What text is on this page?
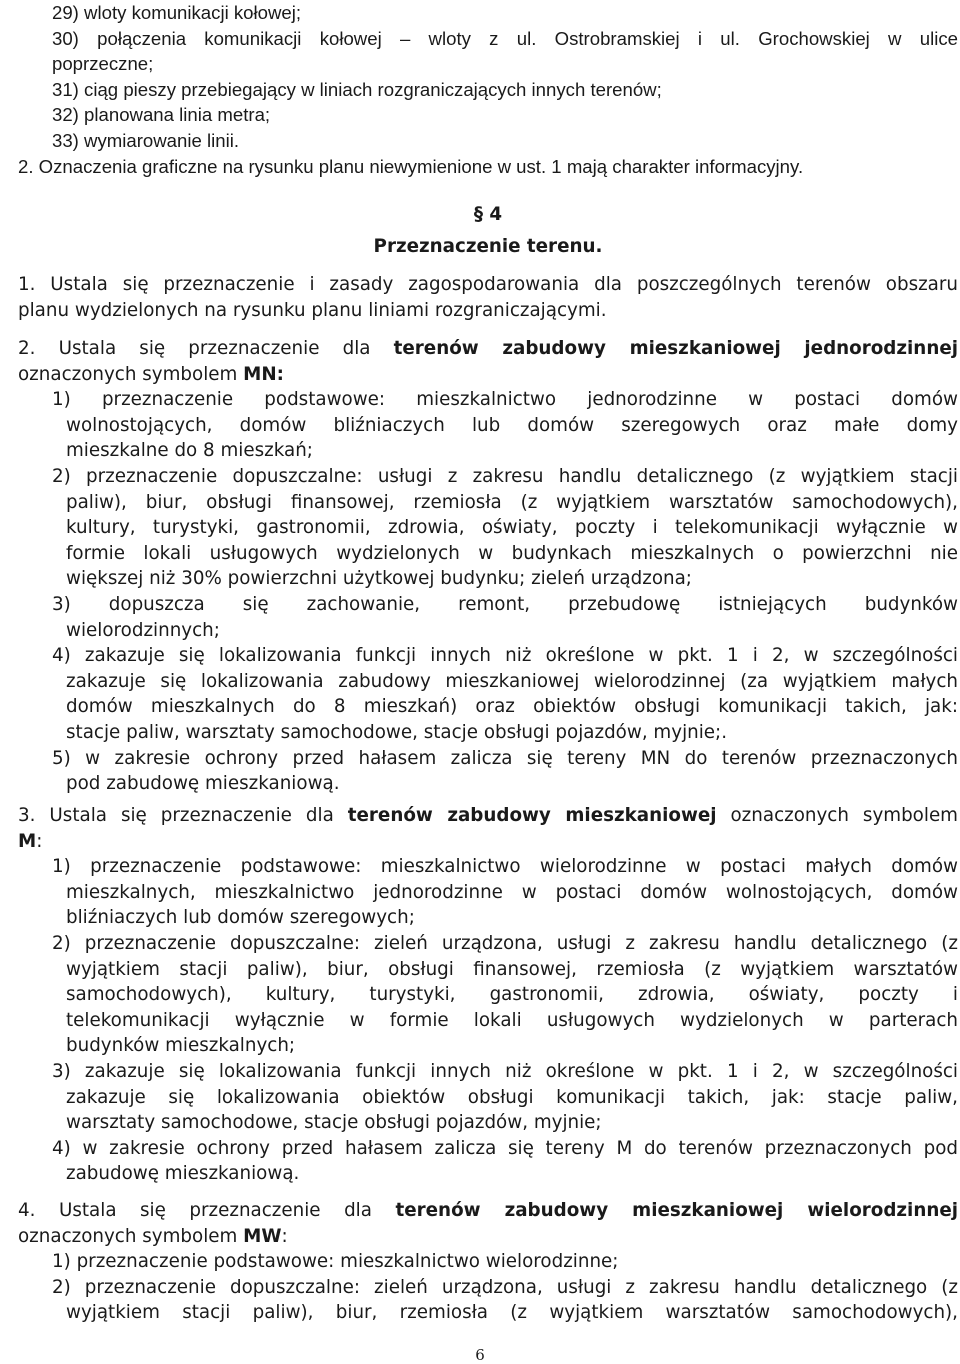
29) wloty komunikacji kołowej;
30) połączenia komunikacji kołowej – wloty z ul. Ostrobramskiej i ul. Grochowskiej w ulice
poprzeczne;
31) ciąg pieszy przebiegający w liniach rozgraniczających innych terenów;
32) planowana linia metra;
33) wymiarowanie linii.
2. Oznaczenia graficzne na rysunku planu niewymienione w ust. 1 mają charakter informacyjny.
§ 4
Przeznaczenie terenu.
1. Ustala się przeznaczenie i zasady zagospodarowania dla poszczególnych terenów obszaru
planu wydzielonych na rysunku planu liniami rozgraniczającymi.
2. Ustala się przeznaczenie dla terenów zabudowy mieszkaniowej jednorodzinnej
oznaczonych symbolem MN:
1) przeznaczenie podstawowe: mieszkalnictwo jednorodzinne w postaci domów
wolnostojących, domów bliźniaczych lub domów szeregowych oraz małe domy
mieszkalne do 8 mieszkań;
2) przeznaczenie dopuszczalne: usługi z zakresu handlu detalicznego (z wyjątkiem stacji
paliw), biur, obsługi finansowej, rzemiosła (z wyjątkiem warsztatów samochodowych),
kultury, turystyki, gastronomii, zdrowia, oświaty, poczty i telekomunikacji wyłącznie w
formie lokali usługowych wydzielonych w budynkach mieszkalnych o powierzchni nie
większej niż 30% powierzchni użytkowej budynku; zieleń urządzona;
3) dopuszcza się zachowanie, remont, przebudowę istniejących budynków
wielorodzinnych;
4) zakazuje się lokalizowania funkcji innych niż określone w pkt. 1 i 2, w szczególności
zakazuje się lokalizowania zabudowy mieszkaniowej wielorodzinnej (za wyjątkiem małych
domów mieszkalnych do 8 mieszkań) oraz obiektów obsługi komunikacji takich, jak:
stacje paliw, warsztaty samochodowe, stacje obsługi pojazdów, myjnie;.
5) w zakresie ochrony przed hałasem zalicza się tereny MN do terenów przeznaczonych
pod zabudowę mieszkaniową.
3. Ustala się przeznaczenie dla terenów zabudowy mieszkaniowej oznaczonych symbolem
M:
1) przeznaczenie podstawowe: mieszkalnictwo wielorodzinne w postaci małych domów
mieszkalnych, mieszkalnictwo jednorodzinne w postaci domów wolnostojących, domów
bliźniaczych lub domów szeregowych;
2) przeznaczenie dopuszczalne: zieleń urządzona, usługi z zakresu handlu detalicznego (z
wyjątkiem stacji paliw), biur, obsługi finansowej, rzemiosła (z wyjątkiem warsztatów
samochodowych), kultury, turystyki, gastronomii, zdrowia, oświaty, poczty i
telekomunikacji wyłącznie w formie lokali usługowych wydzielonych w parterach
budynków mieszkalnych;
3) zakazuje się lokalizowania funkcji innych niż określone w pkt. 1 i 2, w szczególności
zakazuje się lokalizowania obiektów obsługi komunikacji takich, jak: stacje paliw,
warsztaty samochodowe, stacje obsługi pojazdów, myjnie;
4) w zakresie ochrony przed hałasem zalicza się tereny M do terenów przeznaczonych pod
zabudowę mieszkaniową.
4. Ustala się przeznaczenie dla terenów zabudowy mieszkaniowej wielorodzinnej
oznaczonych symbolem MW:
1) przeznaczenie podstawowe: mieszkalnictwo wielorodzinne;
2) przeznaczenie dopuszczalne: zieleń urządzona, usługi z zakresu handlu detalicznego (z
wyjątkiem stacji paliw), biur, rzemiosła (z wyjątkiem warsztatów samochodowych),
6
